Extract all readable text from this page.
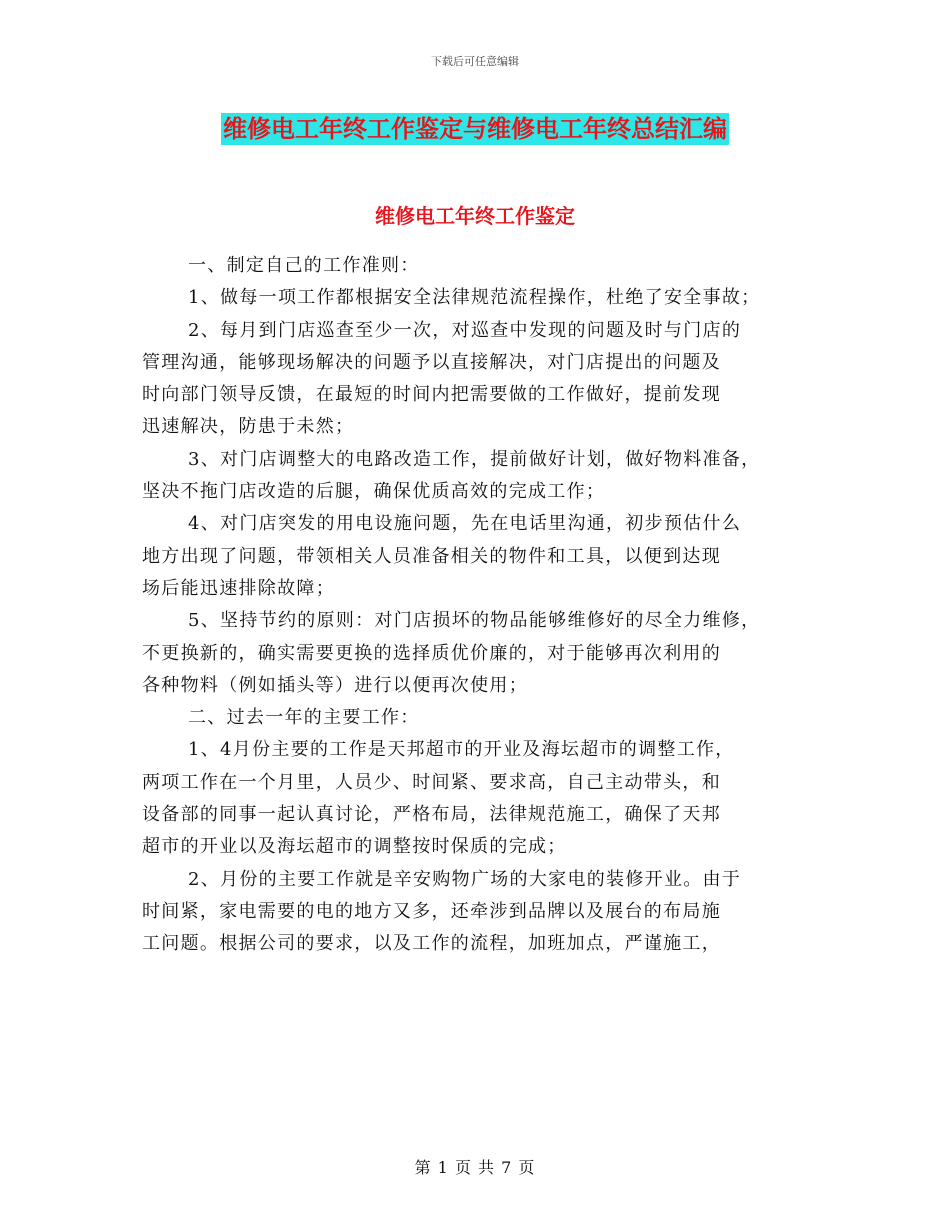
下载后可任意编辑
维修电工年终工作鉴定与维修电工年终总结汇编
维修电工年终工作鉴定

一、制定自己的工作准则：

1、做每一项工作都根据安全法律规范流程操作，杜绝了安全事故；

2、每月到门店巡查至少一次，对巡查中发现的问题及时与门店的

管理沟通，能够现场解决的问题予以直接解决，对门店提出的问题及

时向部门领导反馈，在最短的时间内把需要做的工作做好，提前发现

迅速解决，防患于未然；

3、对门店调整大的电路改造工作，提前做好计划，做好物料准备，

坚决不拖门店改造的后腿，确保优质高效的完成工作；

4、对门店突发的用电设施问题，先在电话里沟通，初步预估什么

地方出现了问题，带领相关人员准备相关的物件和工具，以便到达现

场后能迅速排除故障；

5、坚持节约的原则：对门店损坏的物品能够维修好的尽全力维修，

不更换新的，确实需要更换的选择质优价廉的，对于能够再次利用的

各种物料（例如插头等）进行以便再次使用；

二、过去一年的主要工作：

1、4月份主要的工作是天邦超市的开业及海坛超市的调整工作，

两项工作在一个月里，人员少、时间紧、要求高，自己主动带头，和

设备部的同事一起认真讨论，严格布局，法律规范施工，确保了天邦

超市的开业以及海坛超市的调整按时保质的完成；

2、月份的主要工作就是辛安购物广场的大家电的装修开业。由于

时间紧，家电需要的电的地方又多，还牵涉到品牌以及展台的布局施

工问题。根据公司的要求，以及工作的流程，加班加点，严谨施工，

第 1 页 共 7 页
